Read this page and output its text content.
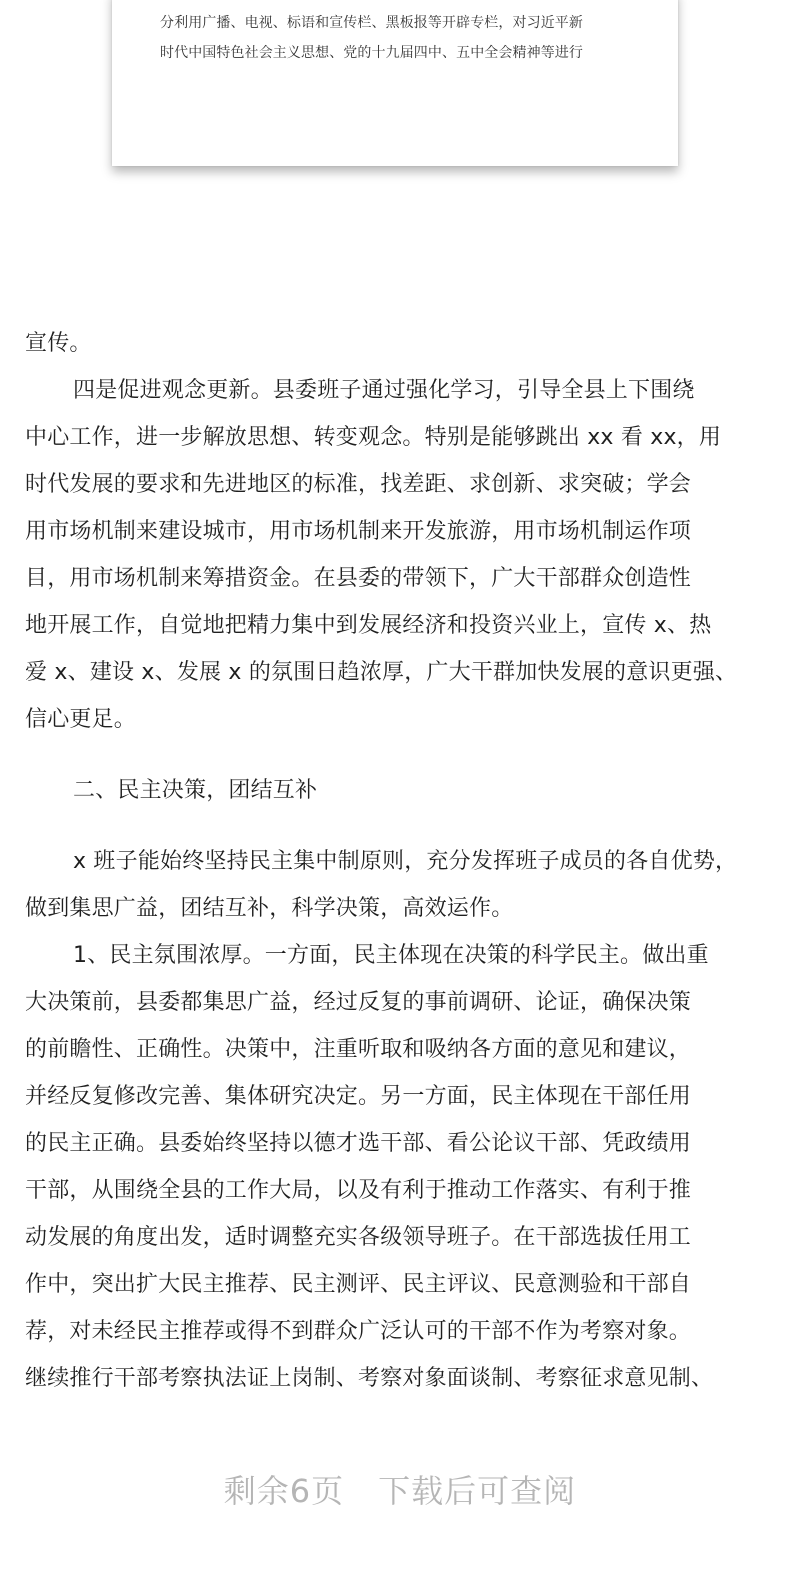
分利用广播、电视、标语和宣传栏、黑板报等开辟专栏，对习近平新
时代中国特色社会主义思想、党的十九届四中、五中全会精神等进行
宣传。
四是促进观念更新。县委班子通过强化学习，引导全县上下围绕
中心工作，进一步解放思想、转变观念。特别是能够跳出 xx 看 xx，用
时代发展的要求和先进地区的标准，找差距、求创新、求突破；学会
用市场机制来建设城市，用市场机制来开发旅游，用市场机制运作项
目，用市场机制来筹措资金。在县委的带领下，广大干部群众创造性
地开展工作，自觉地把精力集中到发展经济和投资兴业上，宣传 x、热
爱 x、建设 x、发展 x 的氛围日趋浓厚，广大干群加快发展的意识更强、
信心更足。
二、民主决策，团结互补
x 班子能始终坚持民主集中制原则，充分发挥班子成员的各自优势，
做到集思广益，团结互补，科学决策，高效运作。
1、民主氛围浓厚。一方面，民主体现在决策的科学民主。做出重
大决策前，县委都集思广益，经过反复的事前调研、论证，确保决策
的前瞻性、正确性。决策中，注重听取和吸纳各方面的意见和建议，
并经反复修改完善、集体研究决定。另一方面，民主体现在干部任用
的民主正确。县委始终坚持以德才选干部、看公论议干部、凭政绩用
干部，从围绕全县的工作大局，以及有利于推动工作落实、有利于推
动发展的角度出发，适时调整充实各级领导班子。在干部选拔任用工
作中，突出扩大民主推荐、民主测评、民主评议、民意测验和干部自
荐，对未经民主推荐或得不到群众广泛认可的干部不作为考察对象。
继续推行干部考察执法证上岗制、考察对象面谈制、考察征求意见制、
剩余6页 下载后可查阅
